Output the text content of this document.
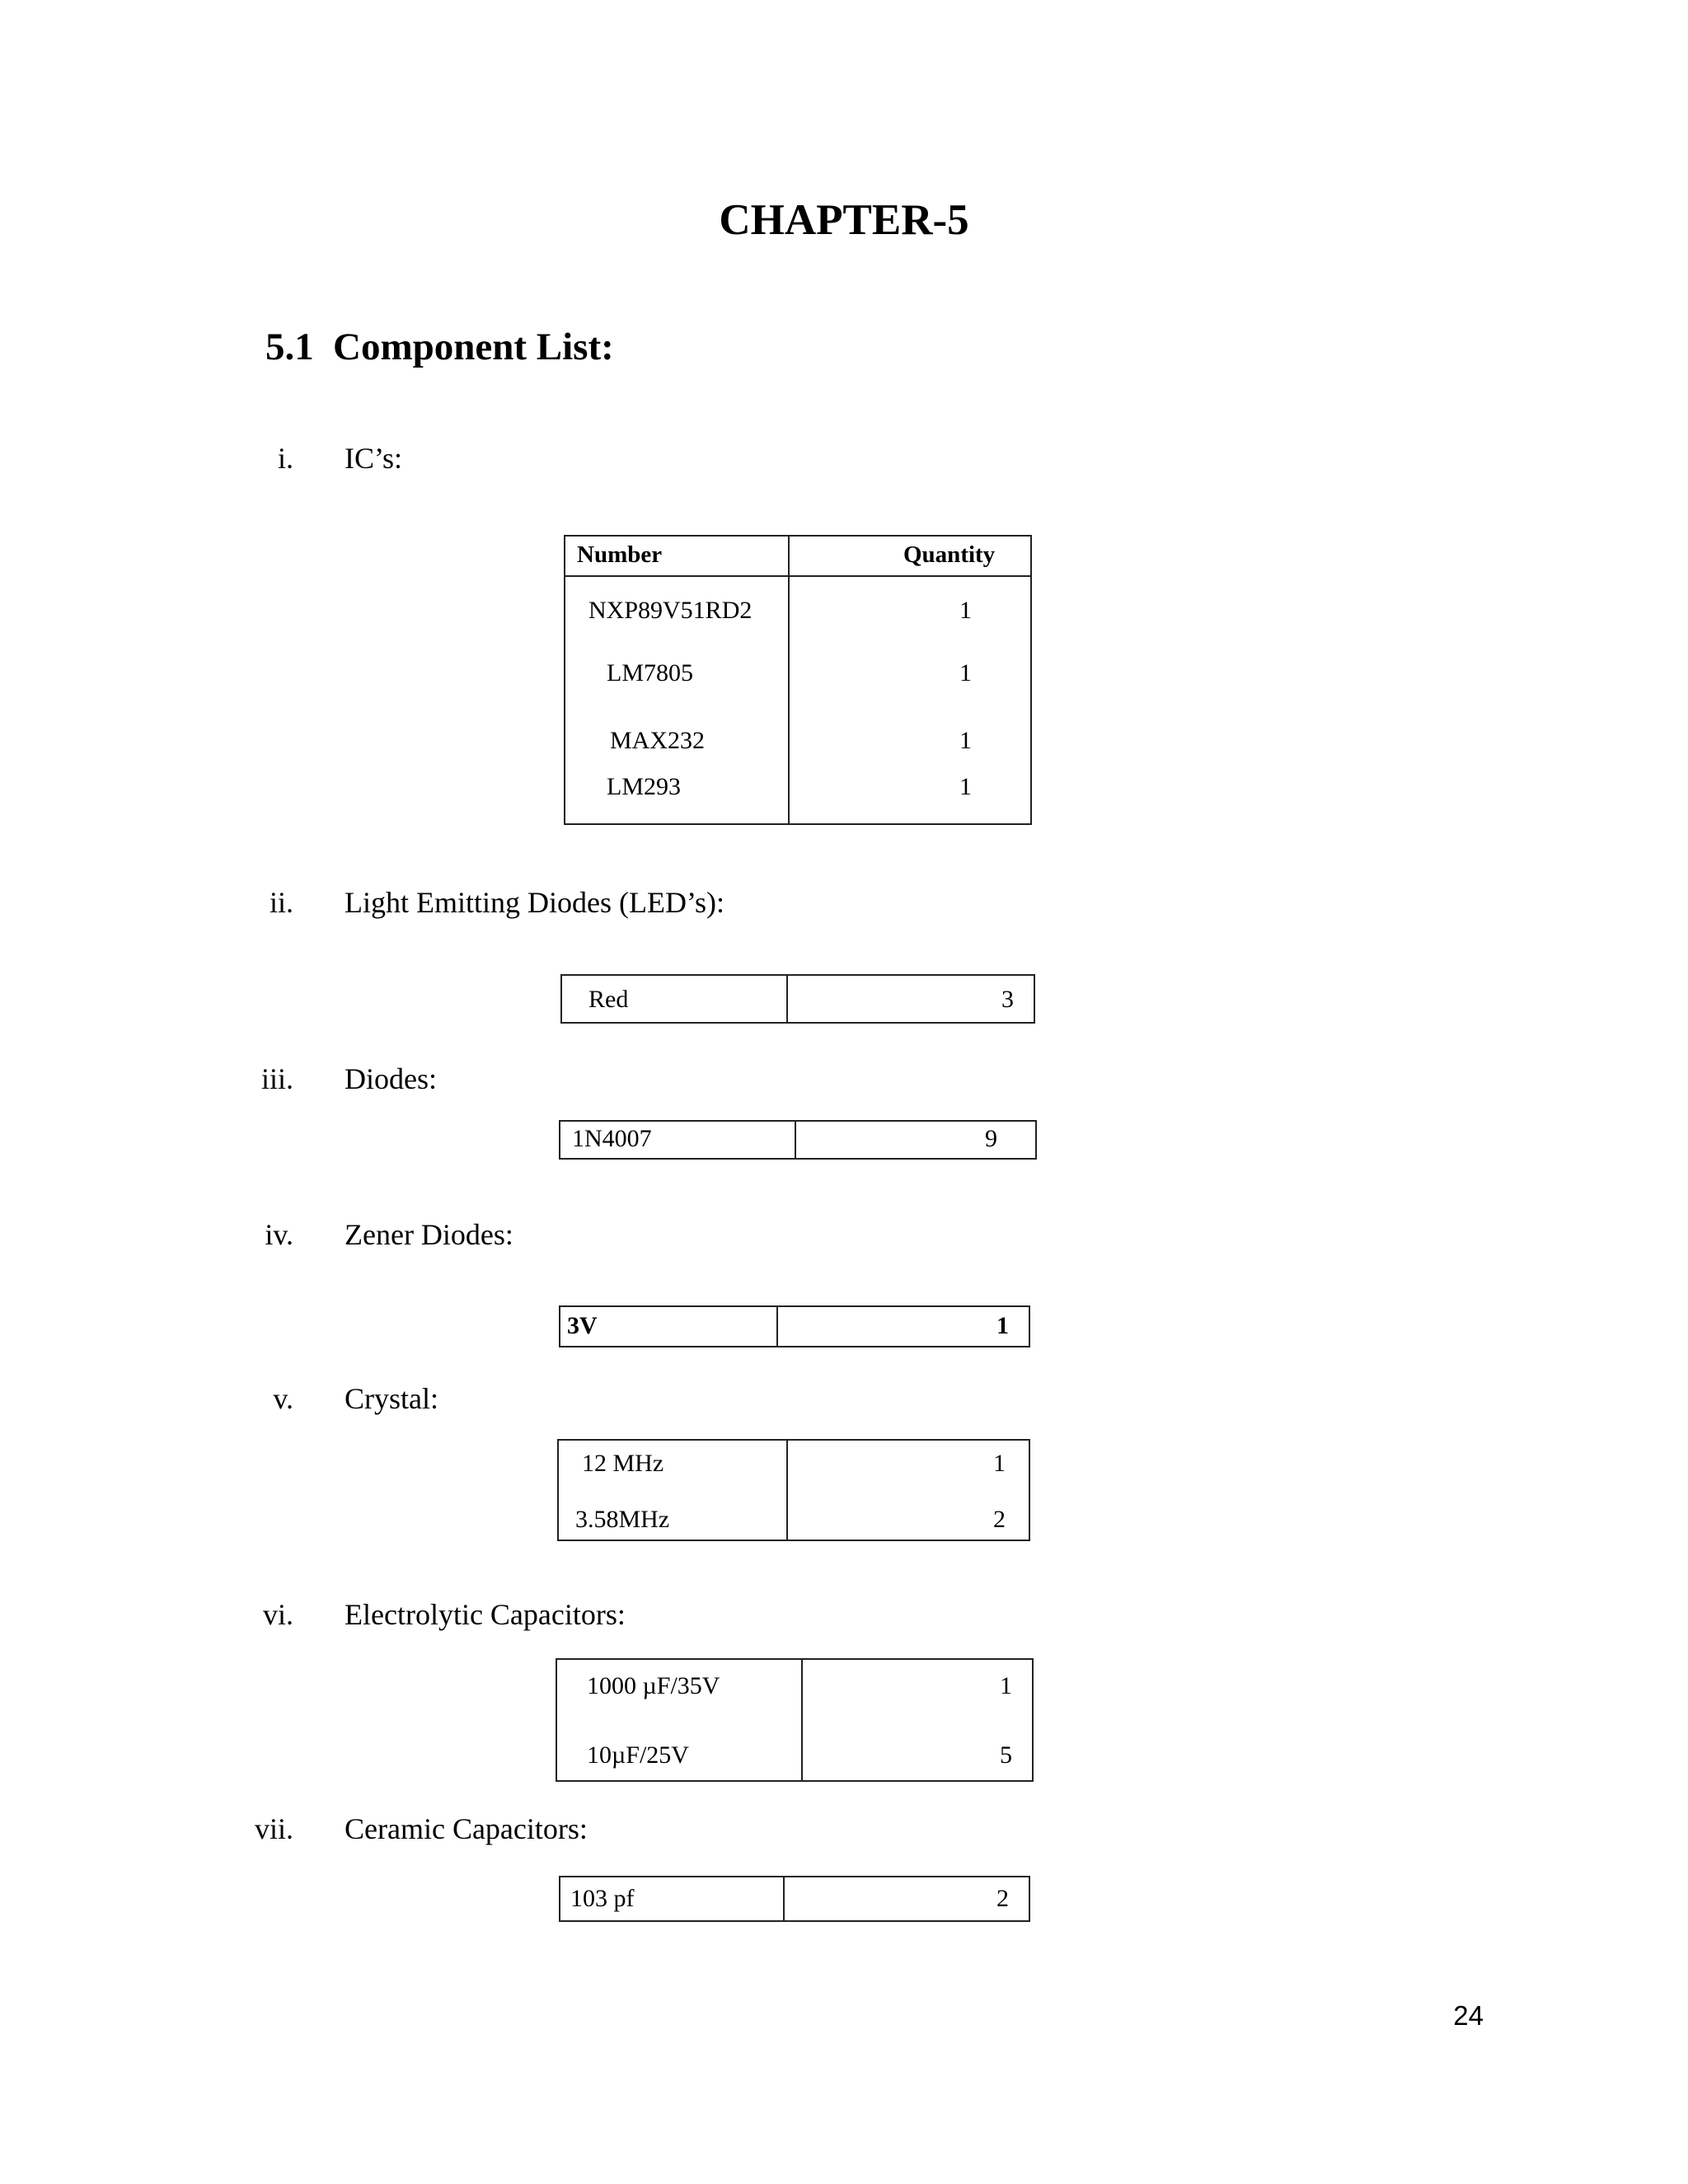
CHAPTER-5
5.1 Component List:
i. IC’s:
Number	Quantity
NXP89V51RD2	1
LM7805	1
MAX232	1
LM293	1
ii. Light Emitting Diodes (LED’s):
Red	3
iii. Diodes:
1N4007	9
iv. Zener Diodes:
3V	1
v. Crystal:
12 MHz	1
3.58MHz	2
vi. Electrolytic Capacitors:
1000 µF/35V	1
10µF/25V	5
vii. Ceramic Capacitors:
103 pf	2
24
